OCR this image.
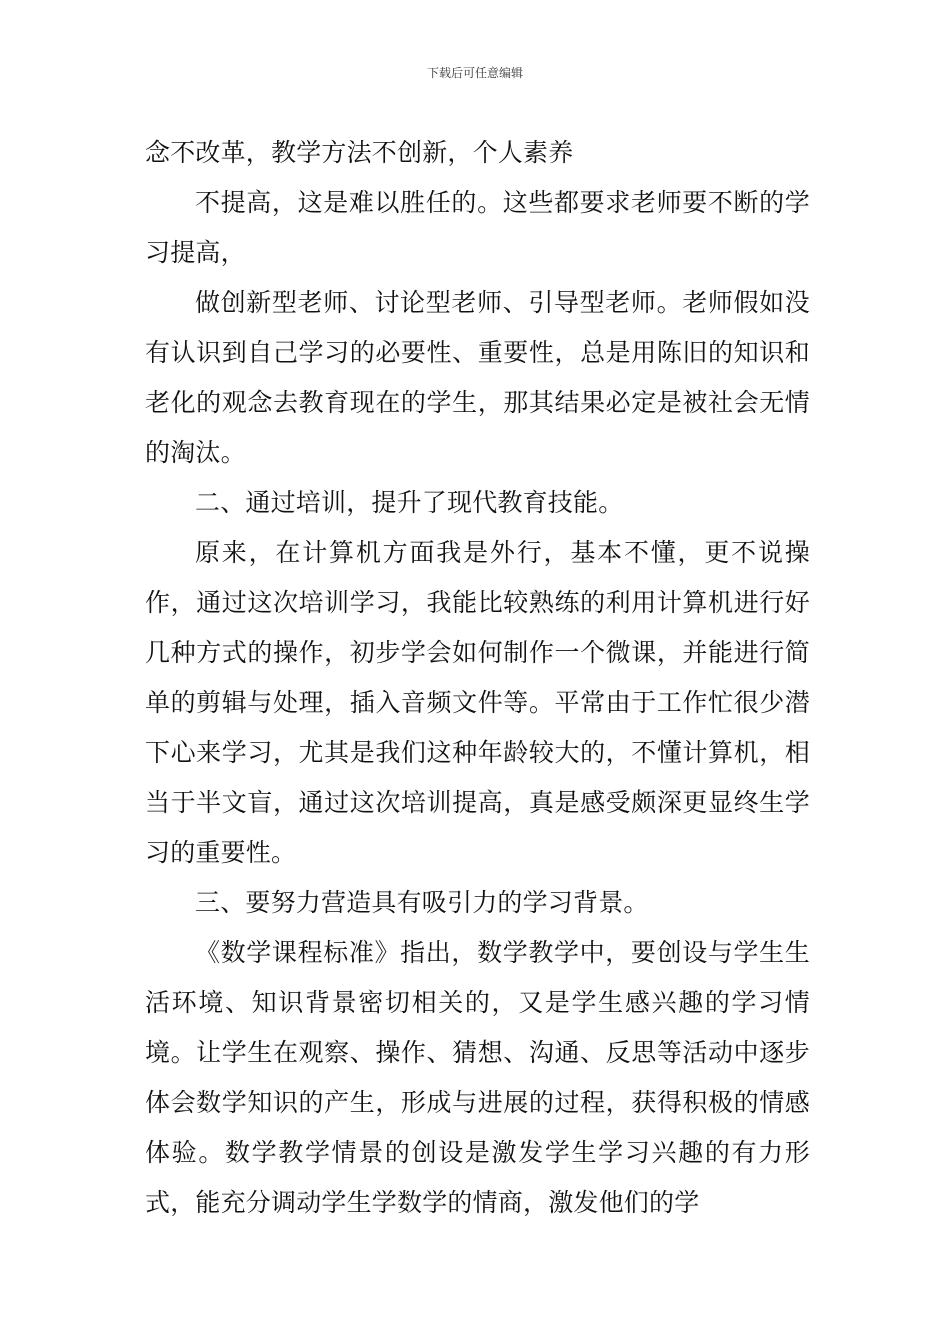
下载后可任意编辑

念不改革，教学方法不创新，个人素养

不提高，这是难以胜任的。这些都要求老师要不断的学习提高，

做创新型老师、讨论型老师、引导型老师。老师假如没有认识到自己学习的必要性、重要性，总是用陈旧的知识和老化的观念去教育现在的学生，那其结果必定是被社会无情的淘汰。

二、通过培训，提升了现代教育技能。

原来，在计算机方面我是外行，基本不懂，更不说操作，通过这次培训学习，我能比较熟练的利用计算机进行好几种方式的操作，初步学会如何制作一个微课，并能进行简单的剪辑与处理，插入音频文件等。平常由于工作忙很少潜下心来学习，尤其是我们这种年龄较大的，不懂计算机，相当于半文盲，通过这次培训提高，真是感受颇深更显终生学习的重要性。

三、要努力营造具有吸引力的学习背景。

《数学课程标准》指出，数学教学中，要创设与学生生活环境、知识背景密切相关的，又是学生感兴趣的学习情境。让学生在观察、操作、猜想、沟通、反思等活动中逐步体会数学知识的产生，形成与进展的过程，获得积极的情感体验。数学教学情景的创设是激发学生学习兴趣的有力形式，能充分调动学生学数学的情商，激发他们的学
